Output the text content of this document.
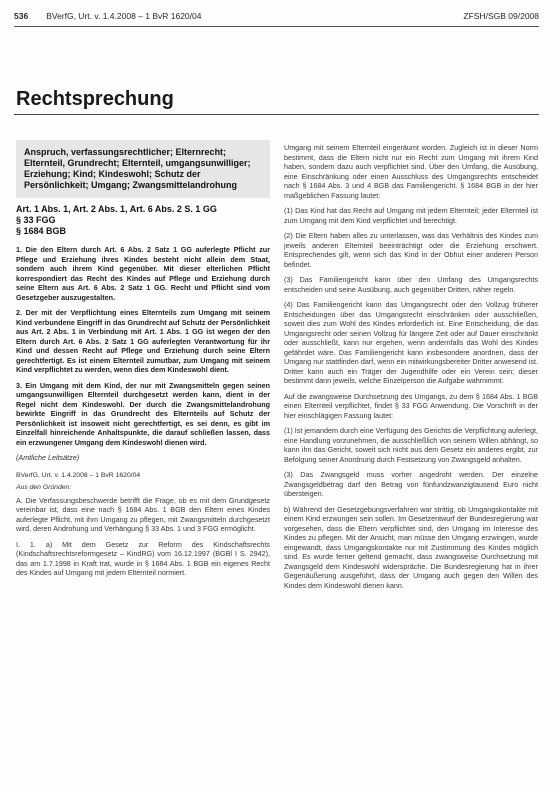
536 BVerfG, Urt. v. 1.4.2008 – 1 BvR 1620/04	ZFSH/SGB 09/2008
Rechtsprechung
Anspruch, verfassungsrechtlicher; Elternrecht; Elternteil, Grundrecht; Elternteil, umgangsunwilliger; Erziehung; Kind; Kindeswohl; Schutz der Persönlichkeit; Umgang; Zwangsmittelandrohung
Art. 1 Abs. 1, Art. 2 Abs. 1, Art. 6 Abs. 2 S. 1 GG
§ 33 FGG
§ 1684 BGB

1. Die den Eltern durch Art. 6 Abs. 2 Satz 1 GG auferlegte Pflicht zur Pflege und Erziehung ihres Kindes besteht nicht allein dem Staat, sondern auch ihrem Kind gegenüber. Mit dieser elterlichen Pflicht korrespondiert das Recht des Kindes auf Pflege und Erziehung durch seine Eltern aus Art. 6 Abs. 2 Satz 1 GG. Recht und Pflicht sind vom Gesetzgeber auszugestalten.

2. Der mit der Verpflichtung eines Elternteils zum Umgang mit seinem Kind verbundene Eingriff in das Grundrecht auf Schutz der Persönlichkeit aus Art. 2 Abs. 1 in Verbindung mit Art. 1 Abs. 1 GG ist wegen der den Eltern durch Art. 6 Abs. 2 Satz 1 GG auferlegten Verantwortung für ihr Kind und dessen Recht auf Pflege und Erziehung durch seine Eltern gerechtfertigt. Es ist einem Elternteil zumutbar, zum Umgang mit seinem Kind verpflichtet zu werden, wenn dies dem Kindeswohl dient.

3. Ein Umgang mit dem Kind, der nur mit Zwangsmitteln gegen seinen umgangsunwilligen Elternteil durchgesetzt werden kann, dient in der Regel nicht dem Kindeswohl. Der durch die Zwangsmittelandrohung bewirkte Eingriff in das Grundrecht des Elternteils auf Schutz der Persönlichkeit ist insoweit nicht gerechtfertigt, es sei denn, es gibt im Einzelfall hinreichende Anhaltspunkte, die darauf schließen lassen, dass ein erzwungener Umgang dem Kindeswohl dienen wird.

(Amtliche Leitsätze)
BVerfG, Urt. v. 1.4.2008 – 1 BvR 1620/04
Aus den Gründen:

A. Die Verfassungsbeschwerde betrifft die Frage, ob es mit dem Grundgesetz vereinbar ist, dass eine nach § 1684 Abs. 1 BGB den Eltern eines Kindes auferlegte Pflicht, mit ihm Umgang zu pflegen, mit Zwangsmitteln durchgesetzt wird, deren Androhung und Verhängung § 33 Abs. 1 und 3 FGG ermöglicht.

I. 1. a) Mit dem Gesetz zur Reform des Kindschaftsrechts (Kindschaftsrechtsreformgesetz – KindRG) vom 16.12.1997 (BGBl I S. 2942), das am 1.7.1998 in Kraft trat, wurde in § 1684 Abs. 1 BGB ein eigenes Recht des Kindes auf Umgang mit jedem Elternteil normiert.

Umgang mit seinem Elternteil eingeräumt worden. Zugleich ist in dieser Norm bestimmt, dass die Eltern nicht nur ein Recht zum Umgang mit ihrem Kind haben, sondern dazu auch verpflichtet sind. Über den Umfang, die Ausübung, eine Einschränkung oder einen Ausschluss des Umgangsrechts entscheidet nach § 1684 Abs. 3 und 4 BGB das Familiengericht. § 1684 BGB in der hier maßgeblichen Fassung lautet:

(1) Das Kind hat das Recht auf Umgang mit jedem Elternteil; jeder Elternteil ist zum Umgang mit dem Kind verpflichtet und berechtigt.

(2) Die Eltern haben alles zu unterlassen, was das Verhältnis des Kindes zum jeweils anderen Elternteil beeinträchtigt oder die Erziehung erschwert. Entsprechendes gilt, wenn sich das Kind in der Obhut einer anderen Person befindet.

(3) Das Familiengericht kann über den Umfang des Umgangsrechts entscheiden und seine Ausübung, auch gegenüber Dritten, näher regeln.

(4) Das Familiengericht kann das Umgangsrecht oder den Vollzug früherer Entscheidungen über das Umgangsrecht einschränken oder ausschließen, soweit dies zum Wohl des Kindes erforderlich ist. Eine Entscheidung, die das Umgangsrecht oder seinen Vollzug für längere Zeit oder auf Dauer einschränkt oder ausschließt, kann nur ergehen, wenn andernfalls das Wohl des Kindes gefährdet wäre. Das Familiengericht kann insbesondere anordnen, dass der Umgang nur stattfinden darf, wenn ein mitwirkungsbereiter Dritter anwesend ist. Dritter kann auch ein Träger der Jugendhilfe oder ein Verein sein; dieser bestimmt dann jeweils, welche Einzelperson die Aufgabe wahrnimmt.

Auf die zwangsweise Durchsetzung des Umgangs, zu dem § 1684 Abs. 1 BGB einen Elternteil verpflichtet, findet § 33 FGG Anwendung. Die Vorschrift in der hier einschlägigen Fassung lautet:

(1) Ist jemandem durch eine Verfügung des Gerichts die Verpflichtung auferlegt, eine Handlung vorzunehmen, die ausschließlich von seinem Willen abhängt, so kann ihn das Gericht, soweit sich nicht aus dem Gesetz ein anderes ergibt, zur Befolgung seiner Anordnung durch Festsetzung von Zwangsgeld anhalten.

(3) Das Zwangsgeld muss vorher angedroht werden. Der einzelne Zwangsgeldbetrag darf den Betrag von fünfundzwanzigtausend Euro nicht übersteigen.

b) Während der Gesetzgebungsverfahren war strittig, ob Umgangskontakte mit einem Kind erzwungen sein sollen. Im Gesetzentwurf der Bundesregierung war vorgesehen, dass die Eltern verpflichtet sind, den Umgang im Interesse des Kindes zu pflegen. Mit der Ansicht, man müsse den Umgang erzwingen, wurde eingewandt, dass Umgangskontakte nur mit Zustimmung des Kindes möglich sind. Es wurde ferner geltend gemacht, dass zwangsweise Durchsetzung mit Zwangsgeld dem Kindeswohl widerspräche. Die Bundesregierung hat in ihrer Gegenäußerung ausgeführt, dass der Umgang auch gegen den Willen des Kindes dem Kindeswohl dienen kann.
